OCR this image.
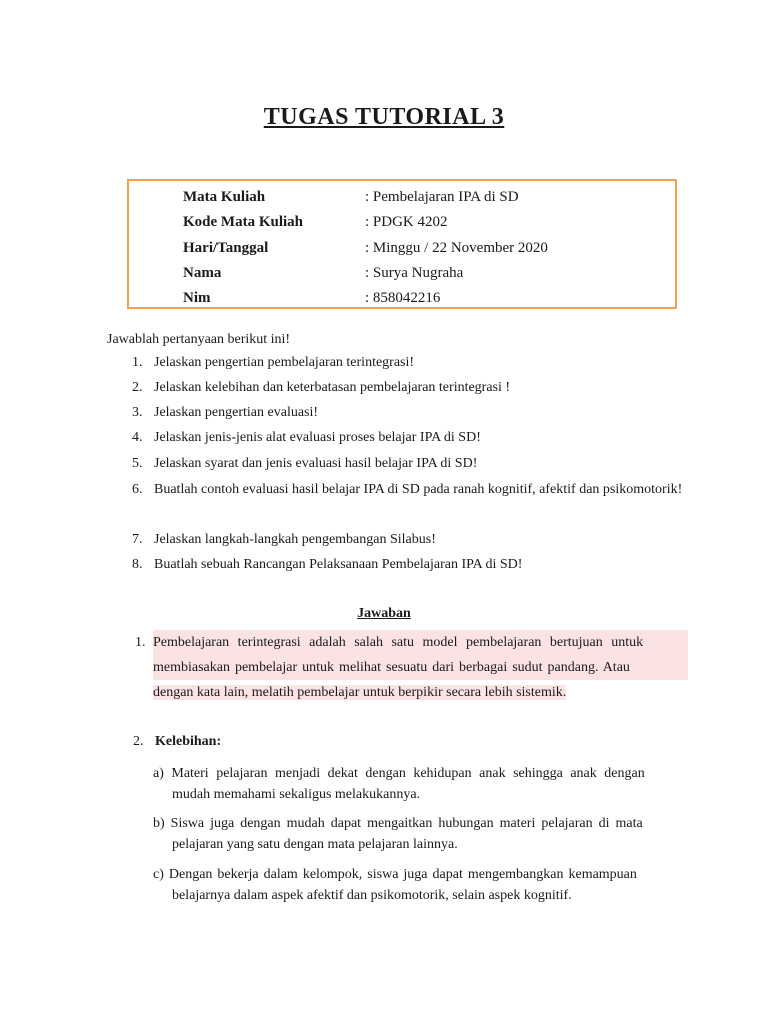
TUGAS TUTORIAL 3
Mata Kuliah	: Pembelajaran IPA di SD
Kode Mata Kuliah	: PDGK 4202
Hari/Tanggal	: Minggu / 22 November 2020
Nama	: Surya Nugraha
Nim	: 858042216
Jawablah pertanyaan berikut ini!
1. Jelaskan pengertian pembelajaran terintegrasi!
2. Jelaskan kelebihan dan keterbatasan pembelajaran terintegrasi !
3. Jelaskan pengertian evaluasi!
4. Jelaskan jenis-jenis alat evaluasi proses belajar IPA di SD!
5. Jelaskan syarat dan jenis evaluasi hasil belajar IPA di SD!
6. Buatlah contoh evaluasi hasil belajar IPA di SD pada ranah kognitif, afektif dan psikomotorik!
7. Jelaskan langkah-langkah pengembangan Silabus!
8. Buatlah sebuah Rancangan Pelaksanaan Pembelajaran IPA di SD!
Jawaban
1. Pembelajaran terintegrasi adalah salah satu model pembelajaran bertujuan untuk
membiasakan pembelajar untuk melihat sesuatu dari berbagai sudut pandang. Atau
dengan kata lain, melatih pembelajar untuk berpikir secara lebih sistemik.
2. Kelebihan:
a) Materi pelajaran menjadi dekat dengan kehidupan anak sehingga anak dengan
mudah memahami sekaligus melakukannya.
b) Siswa juga dengan mudah dapat mengaitkan hubungan materi pelajaran di mata
pelajaran yang satu dengan mata pelajaran lainnya.
c) Dengan bekerja dalam kelompok, siswa juga dapat mengembangkan kemampuan
belajarnya dalam aspek afektif dan psikomotorik, selain aspek kognitif.
